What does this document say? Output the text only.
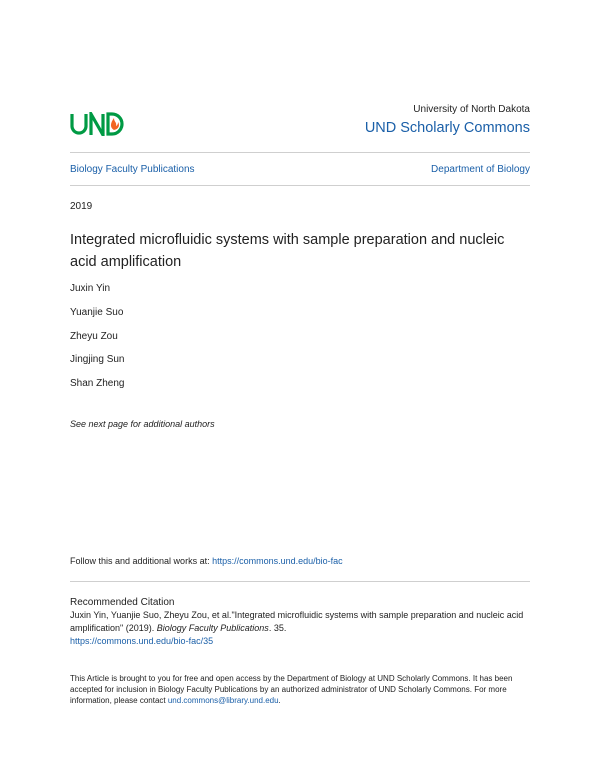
University of North Dakota
UND Scholarly Commons
Biology Faculty Publications	Department of Biology
2019
Integrated microfluidic systems with sample preparation and nucleic acid amplification
Juxin Yin
Yuanjie Suo
Zheyu Zou
Jingjing Sun
Shan Zheng
See next page for additional authors
Follow this and additional works at: https://commons.und.edu/bio-fac
Recommended Citation
Juxin Yin, Yuanjie Suo, Zheyu Zou, et al."Integrated microfluidic systems with sample preparation and nucleic acid amplification" (2019). Biology Faculty Publications. 35.
https://commons.und.edu/bio-fac/35
This Article is brought to you for free and open access by the Department of Biology at UND Scholarly Commons. It has been accepted for inclusion in Biology Faculty Publications by an authorized administrator of UND Scholarly Commons. For more information, please contact und.commons@library.und.edu.
